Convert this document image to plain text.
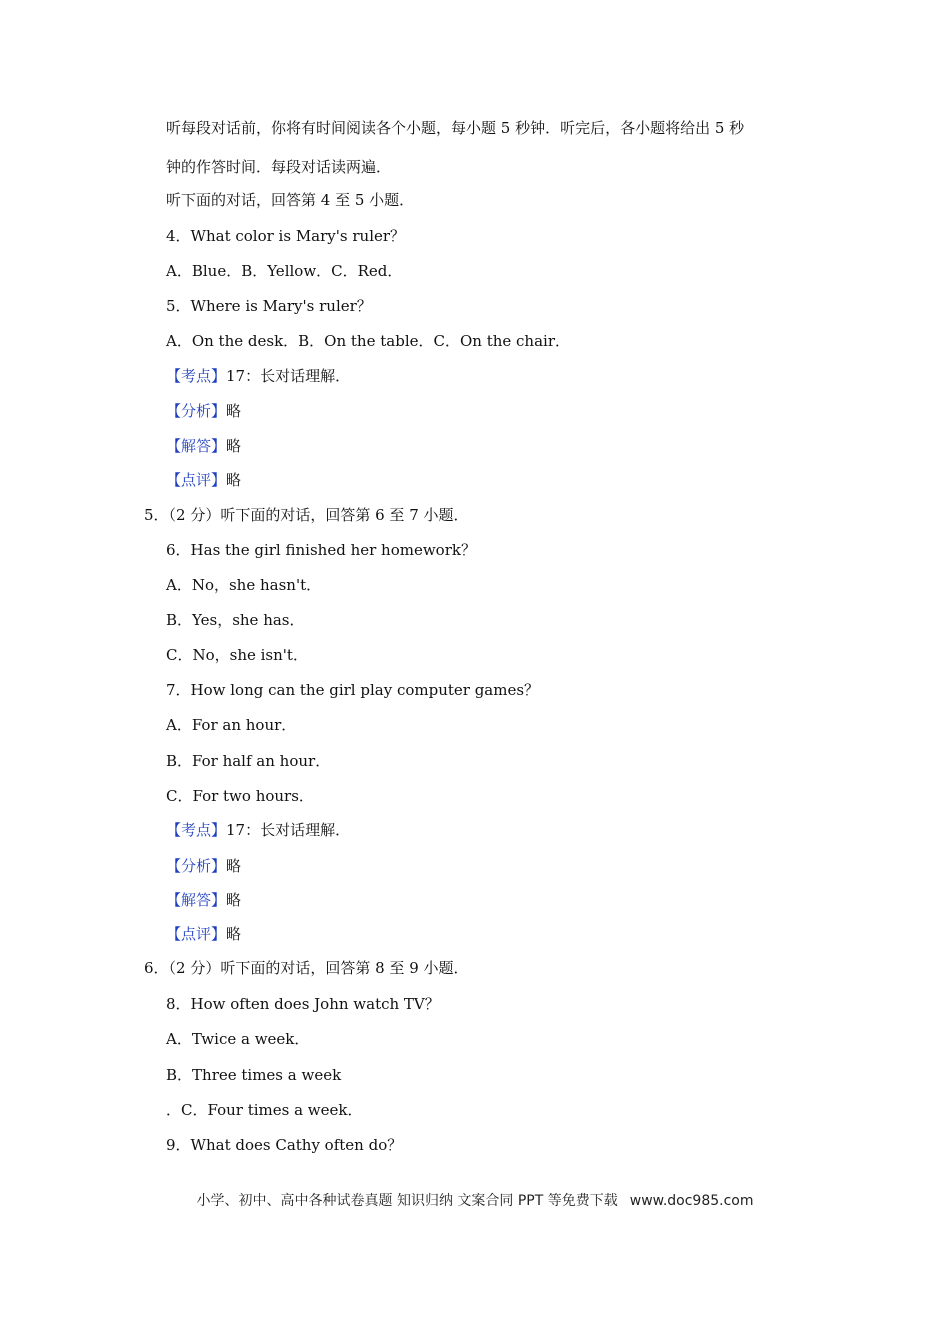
听每段对话前，你将有时间阅读各个小题，每小题 5 秒钟．听完后，各小题将给出 5 秒
钟的作答时间．每段对话读两遍．
听下面的对话，回答第 4 至 5 小题．
4．What color is Mary's ruler？
A．Blue．B．Yellow．C．Red．
5．Where is Mary's ruler？
A．On the desk．B．On the table．C．On the chair．
【考点】17：长对话理解．
【分析】略
【解答】略
【点评】略
5．（2 分）听下面的对话，回答第 6 至 7 小题．
6．Has the girl finished her homework？
A．No，she hasn't．
B．Yes，she has．
C．No，she isn't．
7．How long can the girl play computer games？
A．For an hour．
B．For half an hour．
C．For two hours．
【考点】17：长对话理解．
【分析】略
【解答】略
【点评】略
6．（2 分）听下面的对话，回答第 8 至 9 小题．
8．How often does John watch TV？
A．Twice a week．
B．Three times a week
．C．Four times a week．
9．What does Cathy often do？
小学、初中、高中各种试卷真题 知识归纳 文案合同 PPT 等免费下载 www.doc985.com
